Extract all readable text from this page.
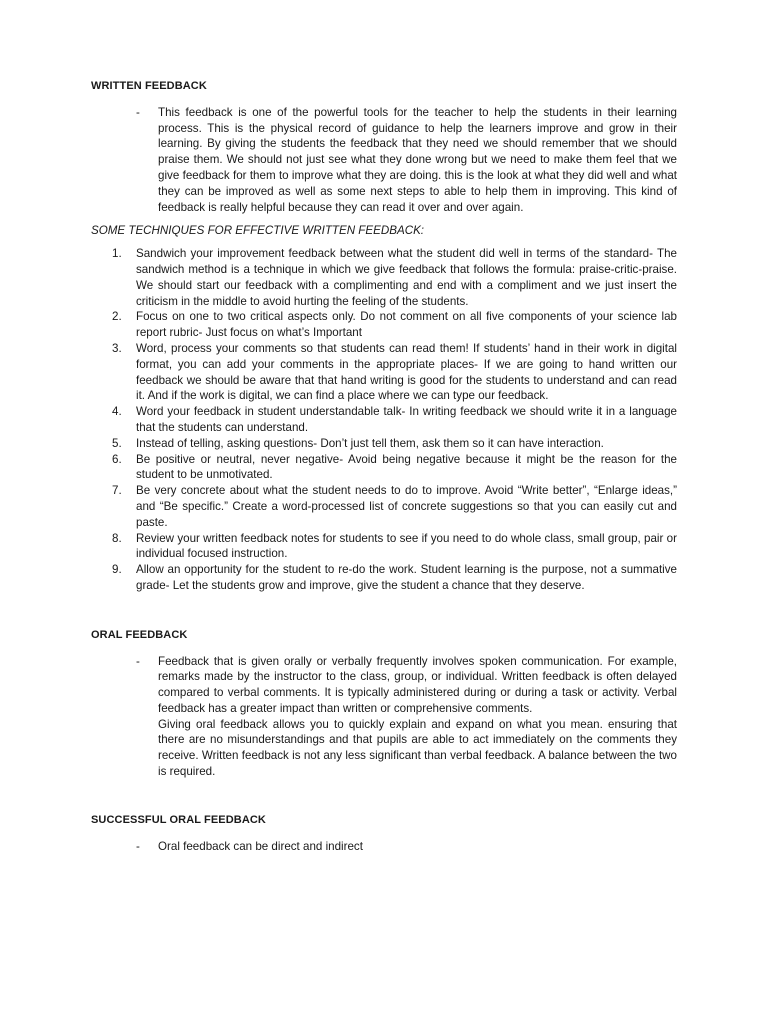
WRITTEN FEEDBACK

-	This feedback is one of the powerful tools for the teacher to help the students in their learning process. This is the physical record of guidance to help the learners improve and grow in their learning. By giving the students the feedback that they need we should remember that we should praise them. We should not just see what they done wrong but we need to make them feel that we give feedback for them to improve what they are doing. this is the look at what they did well and what they can be improved as well as some next steps to able to help them in improving. This kind of feedback is really helpful because they can read it over and over again.

SOME TECHNIQUES FOR EFFECTIVE WRITTEN FEEDBACK:

1.	Sandwich your improvement feedback between what the student did well in terms of the standard- The sandwich method is a technique in which we give feedback that follows the formula: praise-critic-praise. We should start our feedback with a complimenting and end with a compliment and we just insert the criticism in the middle to avoid hurting the feeling of the students.
2.	Focus on one to two critical aspects only. Do not comment on all five components of your science lab report rubric- Just focus on what’s Important
3.	Word, process your comments so that students can read them! If students’ hand in their work in digital format, you can add your comments in the appropriate places- If we are going to hand written our feedback we should be aware that that hand writing is good for the students to understand and can read it. And if the work is digital, we can find a place where we can type our feedback.
4.	Word your feedback in student understandable talk- In writing feedback we should write it in a language that the students can understand.
5.	Instead of telling, asking questions- Don’t just tell them, ask them so it can have interaction.
6.	Be positive or neutral, never negative- Avoid being negative because it might be the reason for the student to be unmotivated.
7.	Be very concrete about what the student needs to do to improve. Avoid “Write better”, “Enlarge ideas,” and “Be specific.” Create a word-processed list of concrete suggestions so that you can easily cut and paste.
8.	Review your written feedback notes for students to see if you need to do whole class, small group, pair or individual focused instruction.
9.	Allow an opportunity for the student to re-do the work. Student learning is the purpose, not a summative grade- Let the students grow and improve, give the student a chance that they deserve.

ORAL FEEDBACK

-	Feedback that is given orally or verbally frequently involves spoken communication. For example, remarks made by the instructor to the class, group, or individual. Written feedback is often delayed compared to verbal comments. It is typically administered during or during a task or activity. Verbal feedback has a greater impact than written or comprehensive comments.

Giving oral feedback allows you to quickly explain and expand on what you mean. ensuring that there are no misunderstandings and that pupils are able to act immediately on the comments they receive. Written feedback is not any less significant than verbal feedback. A balance between the two is required.

SUCCESSFUL ORAL FEEDBACK

-	Oral feedback can be direct and indirect
